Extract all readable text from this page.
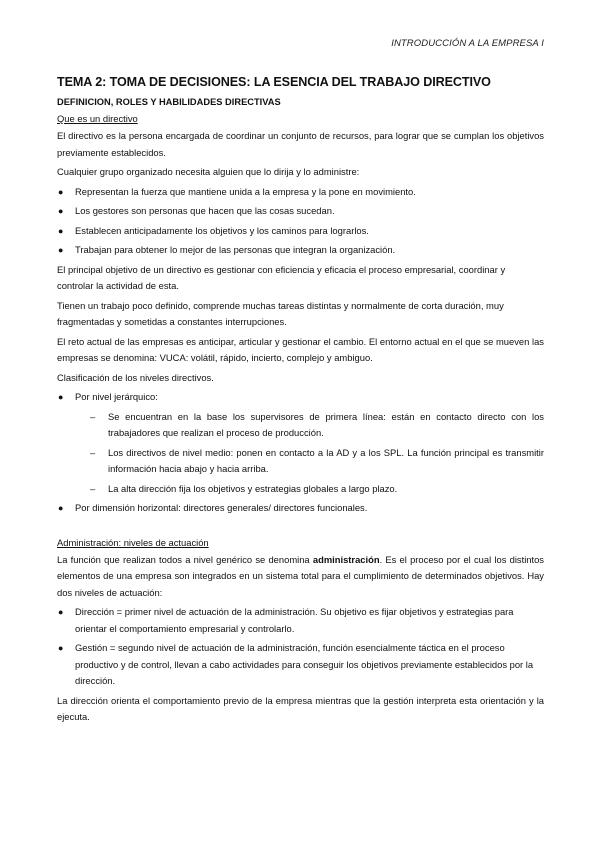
INTRODUCCIÓN A LA EMPRESA I
TEMA 2: TOMA DE DECISIONES: LA ESENCIA DEL TRABAJO DIRECTIVO
DEFINICION, ROLES Y HABILIDADES DIRECTIVAS
Que es un directivo

El directivo es la persona encargada de coordinar un conjunto de recursos, para lograr que se cumplan los objetivos previamente establecidos.

Cualquier grupo organizado necesita alguien que lo dirija y lo administre:

● Representan la fuerza que mantiene unida a la empresa y la pone en movimiento.
● Los gestores son personas que hacen que las cosas sucedan.
● Establecen anticipadamente los objetivos y los caminos para lograrlos.
● Trabajan para obtener lo mejor de las personas que integran la organización.

El principal objetivo de un directivo es gestionar con eficiencia y eficacia el proceso empresarial, coordinar y controlar la actividad de esta.

Tienen un trabajo poco definido, comprende muchas tareas distintas y normalmente de corta duración, muy fragmentadas y sometidas a constantes interrupciones.

El reto actual de las empresas es anticipar, articular y gestionar el cambio. El entorno actual en el que se mueven las empresas se denomina: VUCA: volátil, rápido, incierto, complejo y ambiguo.

Clasificación de los niveles directivos.

● Por nivel jerárquico:
– Se encuentran en la base los supervisores de primera línea: están en contacto directo con los trabajadores que realizan el proceso de producción.
– Los directivos de nivel medio: ponen en contacto a la AD y a los SPL. La función principal es transmitir información hacia abajo y hacia arriba.
– La alta dirección fija los objetivos y estrategias globales a largo plazo.
● Por dimensión horizontal: directores generales/ directores funcionales.
Administración: niveles de actuación

La función que realizan todos a nivel genérico se denomina administración. Es el proceso por el cual los distintos elementos de una empresa son integrados en un sistema total para el cumplimiento de determinados objetivos. Hay dos niveles de actuación:

● Dirección = primer nivel de actuación de la administración. Su objetivo es fijar objetivos y estrategias para orientar el comportamiento empresarial y controlarlo.
● Gestión = segundo nivel de actuación de la administración, función esencialmente táctica en el proceso productivo y de control, llevan a cabo actividades para conseguir los objetivos previamente establecidos por la dirección.

La dirección orienta el comportamiento previo de la empresa mientras que la gestión interpreta esta orientación y la ejecuta.
